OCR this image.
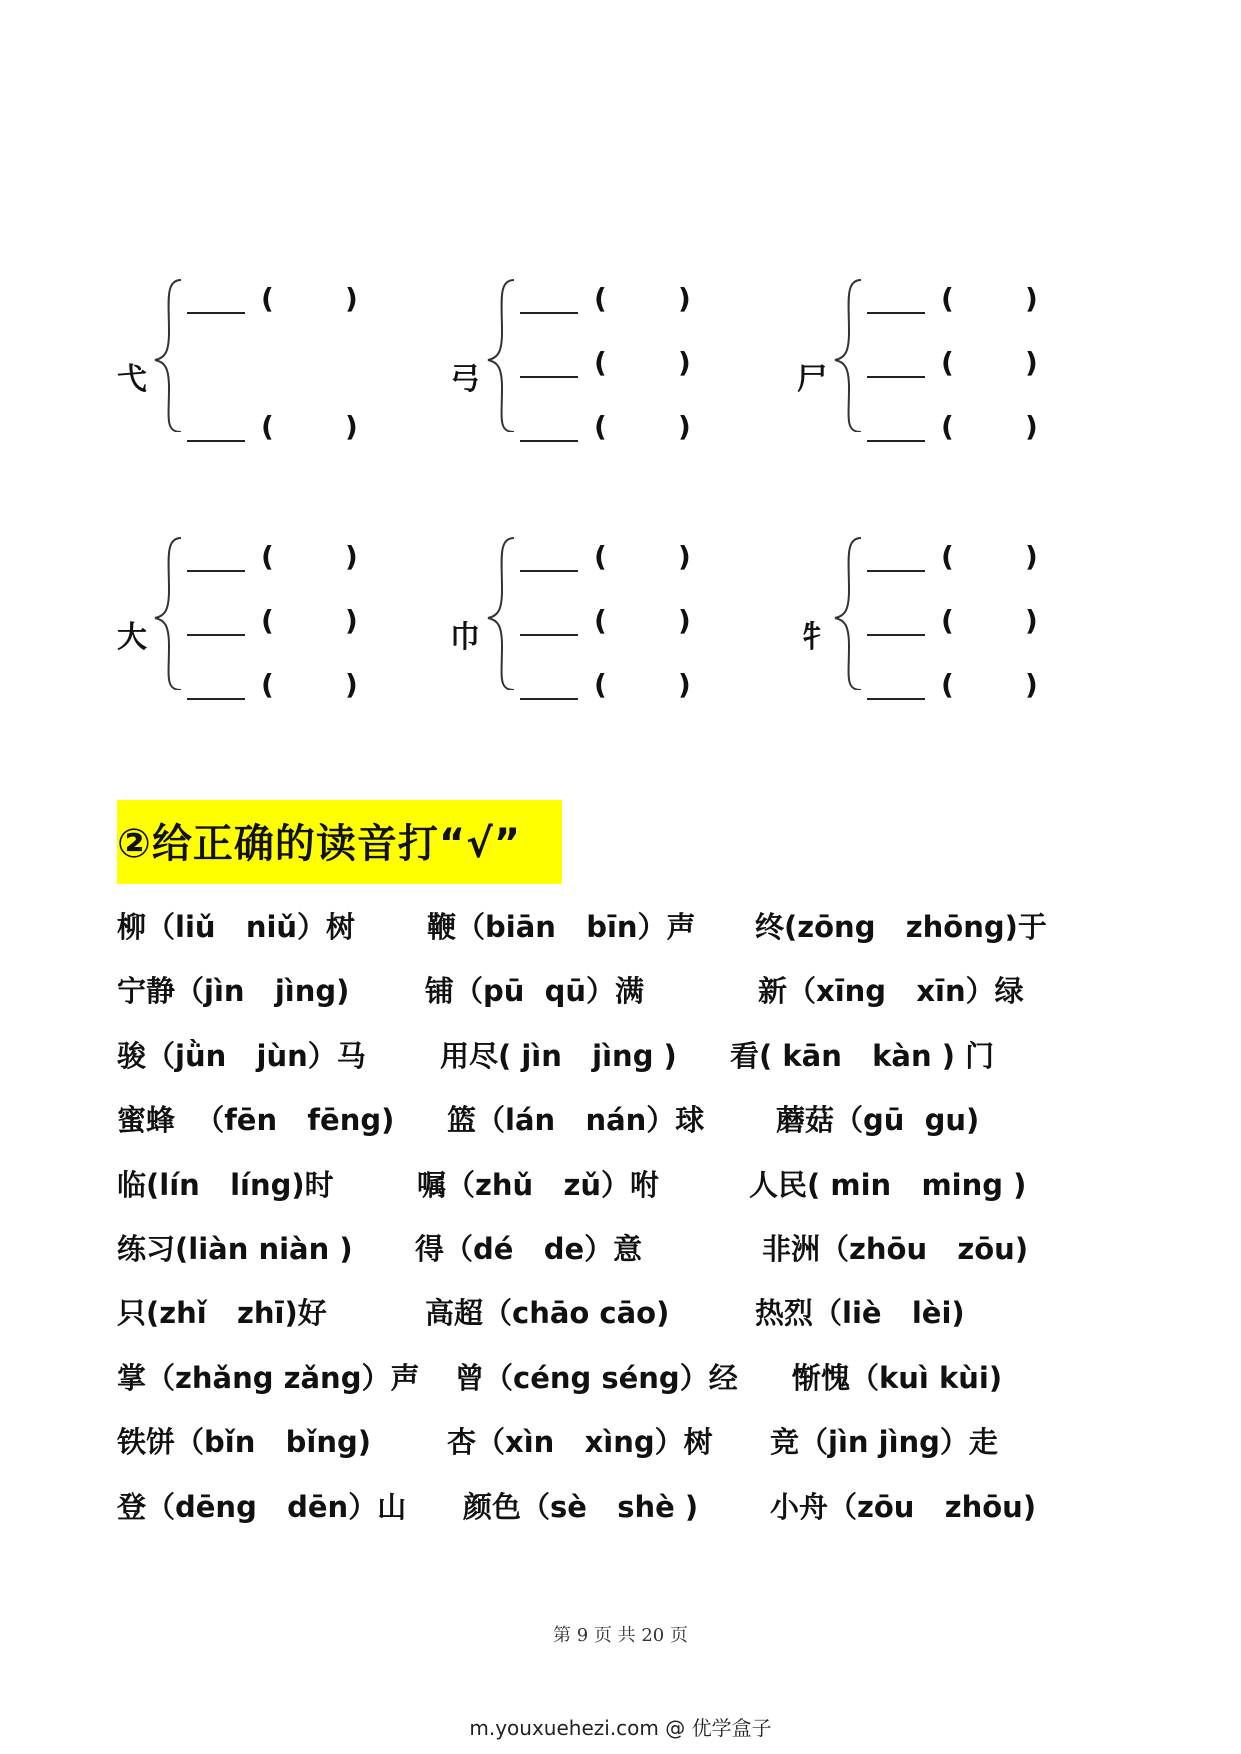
弋
(	)
(	)
弓
(	)
(	)
(	)
尸
(	)
(	)
(	)
大
(	)
(	)
(	)
巾
(	)
(	)
(	)
牜
(	)
(	)
(	)
②给正确的读音打“√”
柳（liǔ   niǔ）树 鞭（biān   bīn）声 终(zōng   zhōng)于
宁静（jìn   jìng)	铺（pū  qū）满	新（xīng   xīn）绿
骏（jǜn   jùn）马	用尽( jìn   jìng ) 看( kān   kàn ) 门
蜜蜂  （fēn   fēng) 篮（lán   nán）球 蘑菇（gū  gu)
临(lín   líng)时	嘱（zhǔ   zǔ）咐	人民( min   ming )
练习(liàn niàn ) 得（dé   de）意	非洲（zhōu   zōu)
只(zhǐ   zhī)好	高超（chāo cāo)	热烈（liè   lèi)
掌（zhǎng zǎng）声 曾（céng séng）经 惭愧（kuì kùi)
铁饼（bǐn   bǐng)	杏（xìn   xìng）树 竞（jìn jìng）走
登（dēng   dēn）山 颜色（sè   shè ) 小舟（zōu   zhōu)
第 9 页 共 20 页
m.youxuehezi.com @ 优学盒子
